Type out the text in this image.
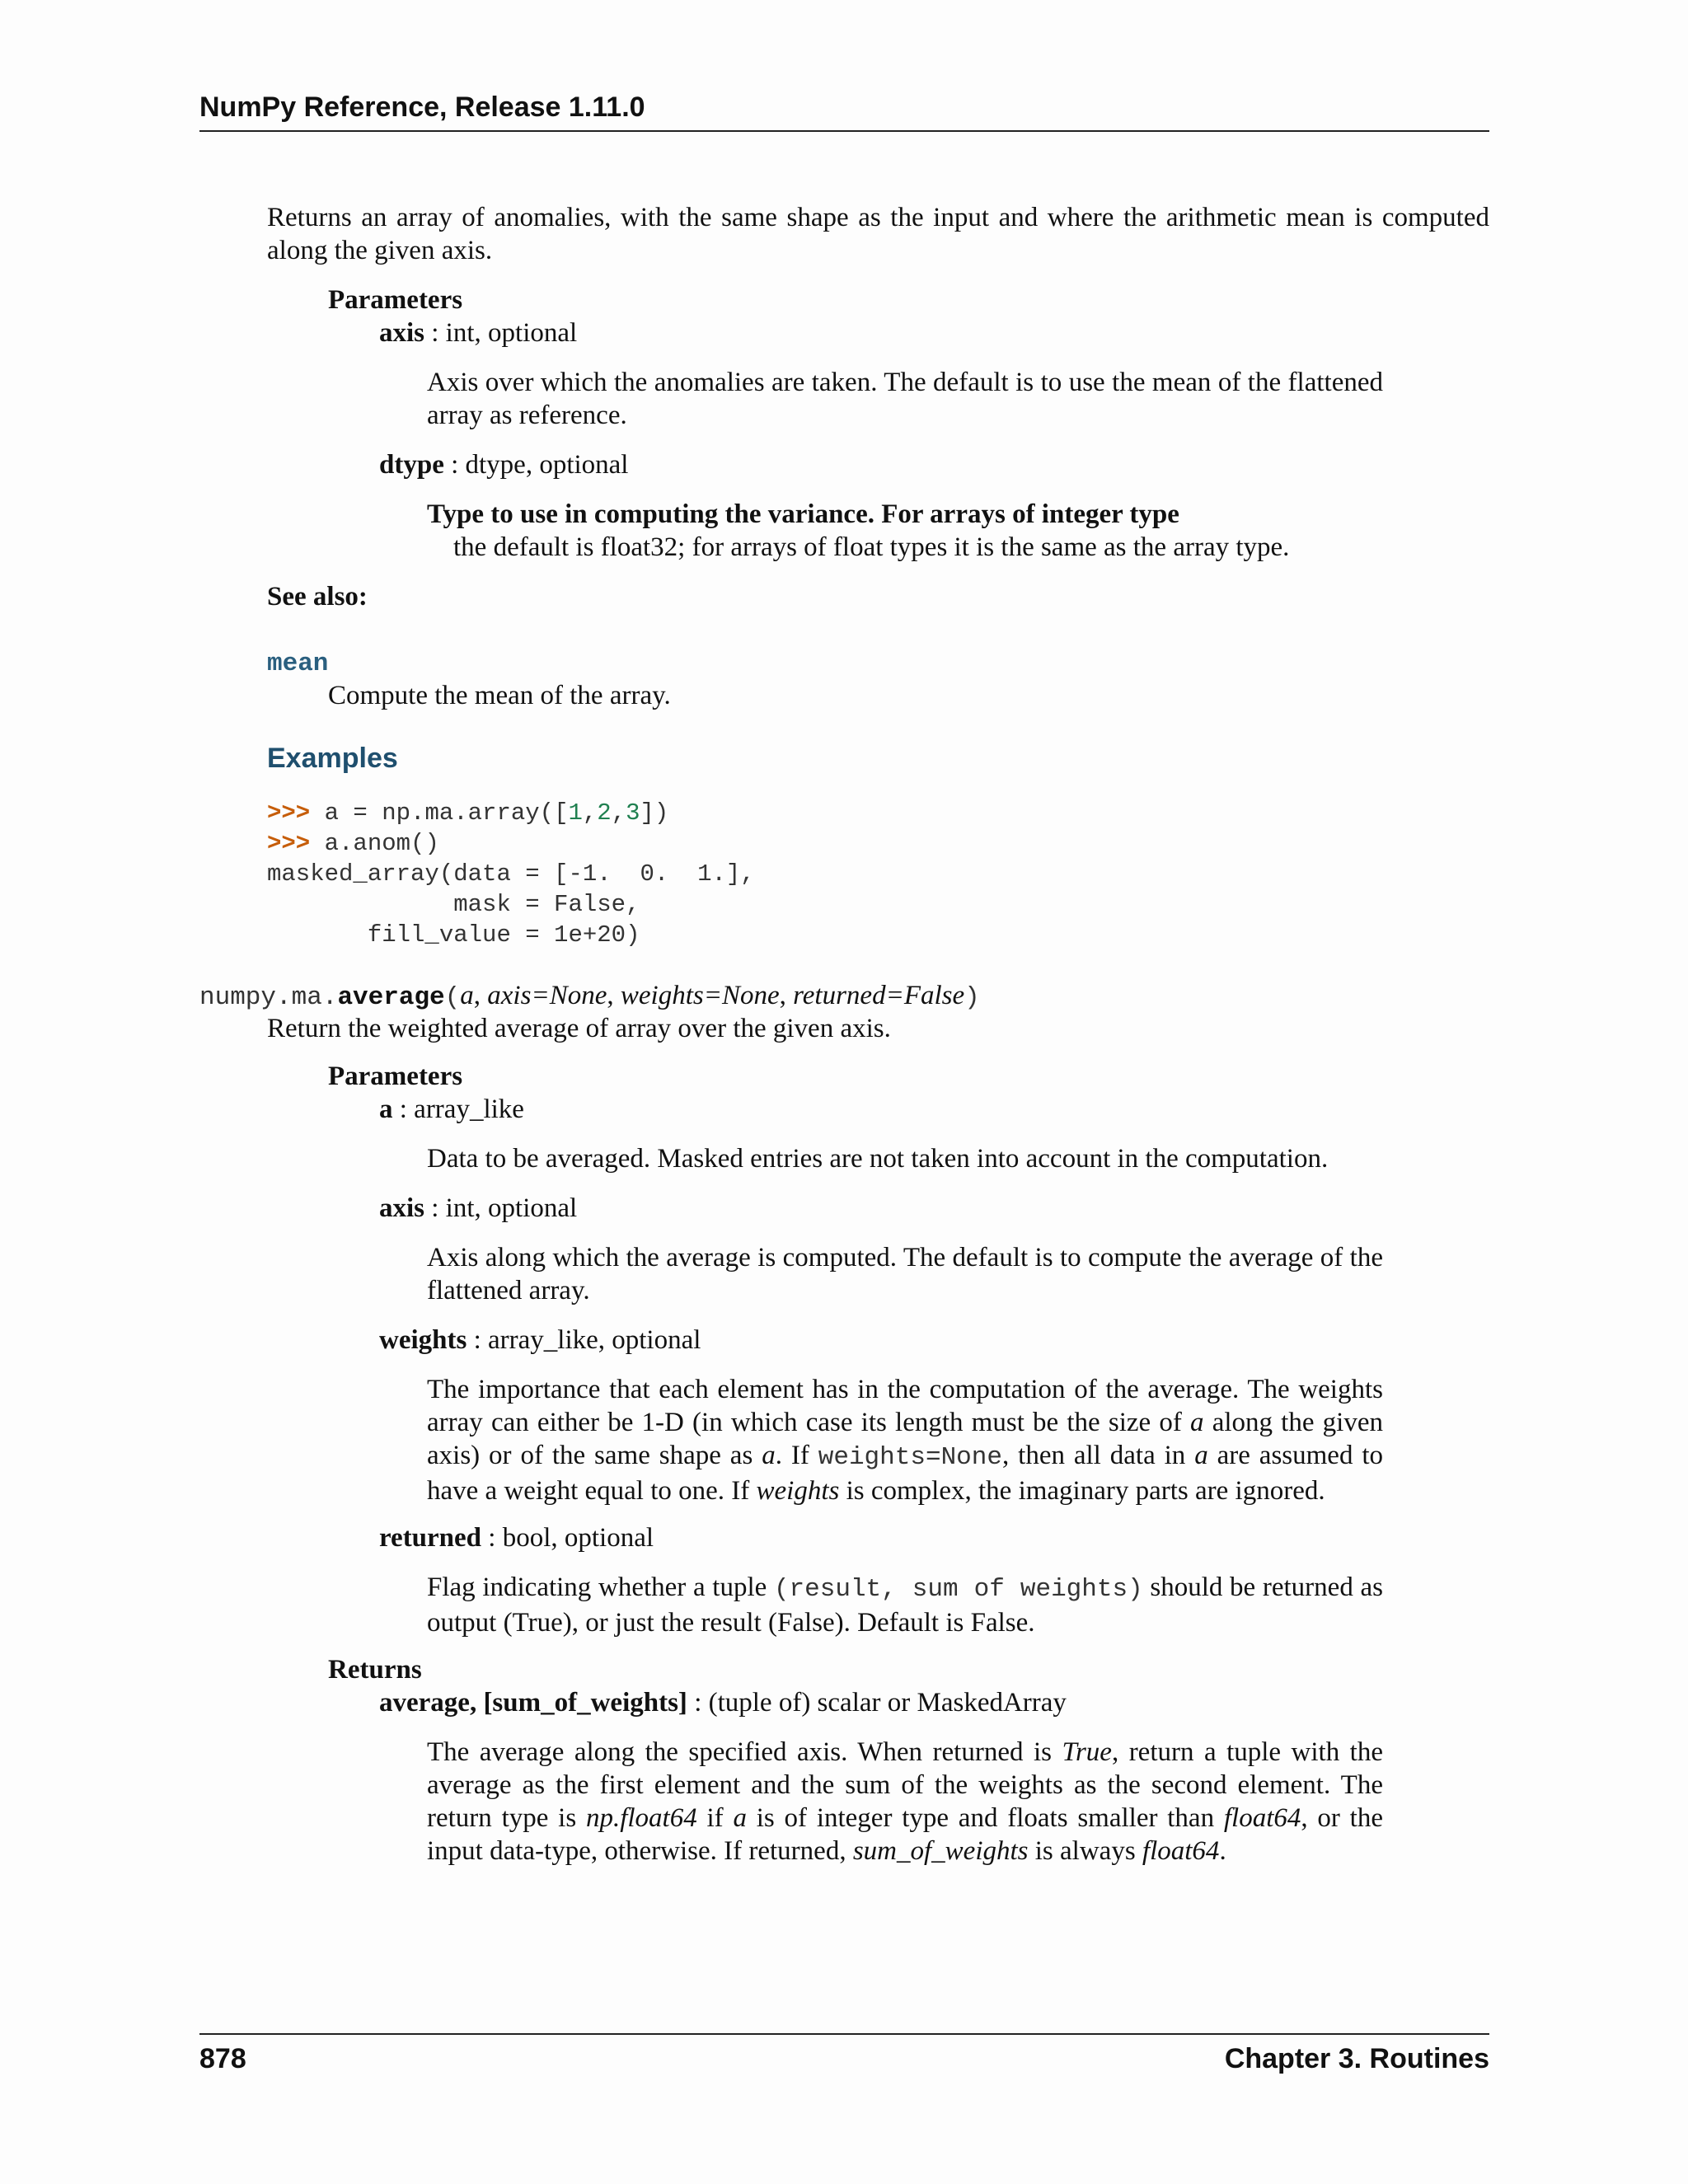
NumPy Reference, Release 1.11.0
Returns an array of anomalies, with the same shape as the input and where the arithmetic mean is computed along the given axis.
Parameters
axis : int, optional
Axis over which the anomalies are taken. The default is to use the mean of the flattened array as reference.
dtype : dtype, optional
Type to use in computing the variance. For arrays of integer type
the default is float32; for arrays of float types it is the same as the array type.
See also:
mean
Compute the mean of the array.
Examples
>>> a = np.ma.array([1,2,3])
>>> a.anom()
masked_array(data = [-1.  0.  1.],
mask = False,
fill_value = 1e+20)
numpy.ma.average(a, axis=None, weights=None, returned=False)
Return the weighted average of array over the given axis.
Parameters
a : array_like
Data to be averaged. Masked entries are not taken into account in the computation.
axis : int, optional
Axis along which the average is computed. The default is to compute the average of the flattened array.
weights : array_like, optional
The importance that each element has in the computation of the average. The weights array can either be 1-D (in which case its length must be the size of a along the given axis) or of the same shape as a. If weights=None, then all data in a are assumed to have a weight equal to one. If weights is complex, the imaginary parts are ignored.
returned : bool, optional
Flag indicating whether a tuple (result, sum of weights) should be returned as output (True), or just the result (False). Default is False.
Returns
average, [sum_of_weights] : (tuple of) scalar or MaskedArray
The average along the specified axis. When returned is True, return a tuple with the average as the first element and the sum of the weights as the second element. The return type is np.float64 if a is of integer type and floats smaller than float64, or the input data-type, otherwise. If returned, sum_of_weights is always float64.
878	Chapter 3. Routines
